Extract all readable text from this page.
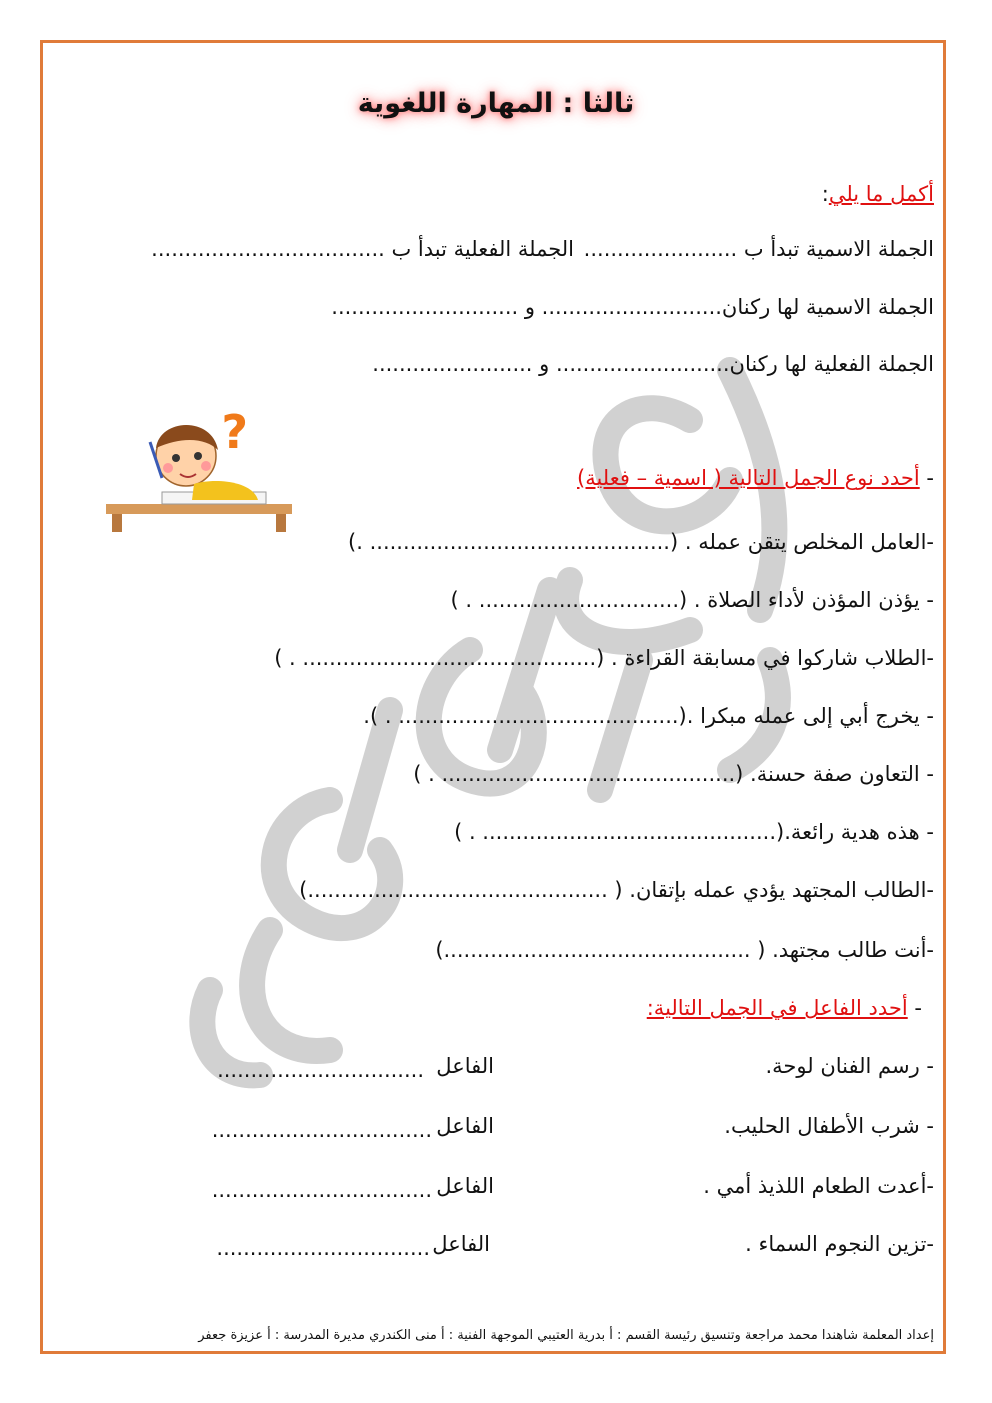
ثالثا : المهارة اللغوية
أكمل ما يلي:
الجملة الاسمية تبدأ ب .......................
الجملة الفعلية تبدأ ب ...................................
الجملة الاسمية لها ركنان........................... و ............................
الجملة الفعلية لها ركنان.......................... و ........................
?
- أحدد نوع الجمل التالية ( اسمية – فعلية)
-العامل المخلص يتقن عمله . (............................................. .)
- يؤذن المؤذن لأداء الصلاة . (.............................. . )
-الطلاب شاركوا في مسابقة القراءة . (............................................ . )
- يخرج أبي إلى عمله مبكرا .(.......................................... . ).
- التعاون صفة حسنة. (............................................ . )
- هذه هدية رائعة.(............................................ . )
-الطالب المجتهد يؤدي عمله بإتقان. ( .............................................)
-أنت طالب مجتهد. ( ..............................................)
- أحدد الفاعل في الجمل التالية:
- رسم الفنان لوحة.
الفاعل
...............................
- شرب الأطفال الحليب.
الفاعل
.................................
-أعدت الطعام اللذيذ أمي .
الفاعل
.................................
-تزين النجوم السماء .
الفاعل
................................
إعداد المعلمة شاهندا محمد مراجعة وتنسيق رئيسة القسم : أ بدرية العتيبي الموجهة الفنية : أ منى الكندري مديرة المدرسة : أ عزيزة جعفر
